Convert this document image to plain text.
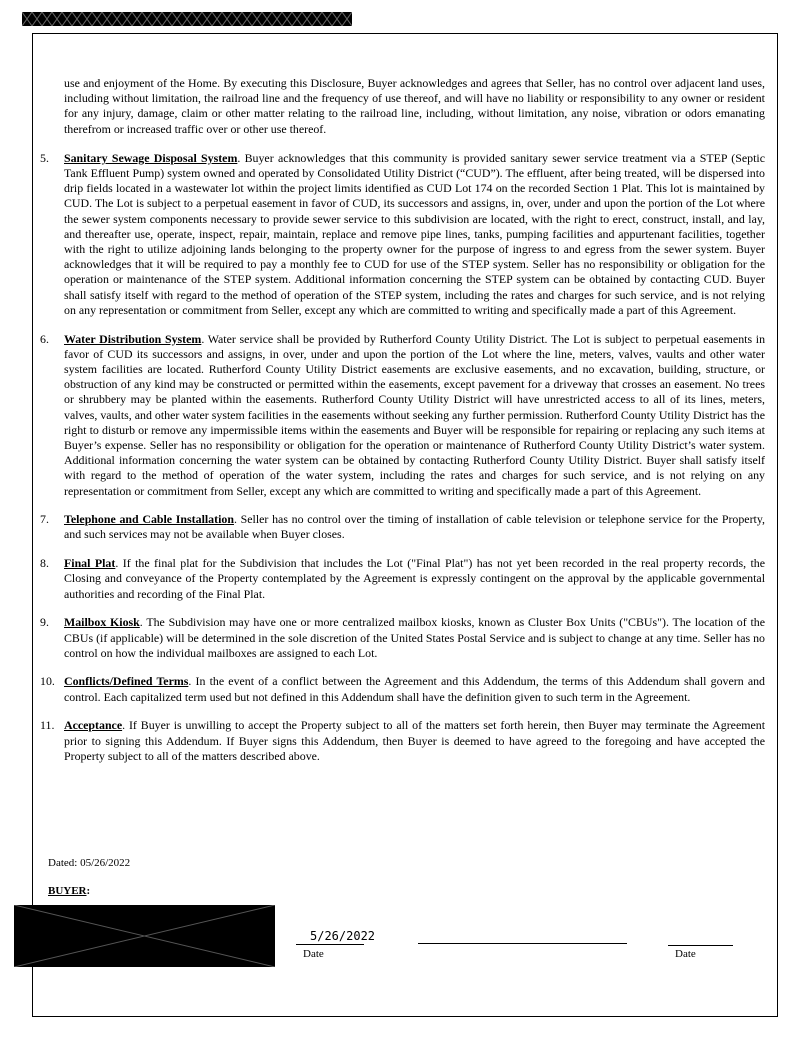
use and enjoyment of the Home. By executing this Disclosure, Buyer acknowledges and agrees that Seller, has no control over adjacent land uses, including without limitation, the railroad line and the frequency of use thereof, and will have no liability or responsibility to any owner or resident for any injury, damage, claim or other matter relating to the railroad line, including, without limitation, any noise, vibration or odors emanating therefrom or increased traffic over or other use thereof.

5. Sanitary Sewage Disposal System. Buyer acknowledges that this community is provided sanitary sewer service treatment via a STEP (Septic Tank Effluent Pump) system owned and operated by Consolidated Utility District (“CUD”). The effluent, after being treated, will be dispersed into drip fields located in a wastewater lot within the project limits identified as CUD Lot 174 on the recorded Section 1 Plat. This lot is maintained by CUD. The Lot is subject to a perpetual easement in favor of CUD, its successors and assigns, in, over, under and upon the portion of the Lot where the sewer system components necessary to provide sewer service to this subdivision are located, with the right to erect, construct, install, and lay, and thereafter use, operate, inspect, repair, maintain, replace and remove pipe lines, tanks, pumping facilities and appurtenant facilities, together with the right to utilize adjoining lands belonging to the property owner for the purpose of ingress to and egress from the sewer system. Buyer acknowledges that it will be required to pay a monthly fee to CUD for use of the STEP system. Seller has no responsibility or obligation for the operation or maintenance of the STEP system. Additional information concerning the STEP system can be obtained by contacting CUD. Buyer shall satisfy itself with regard to the method of operation of the STEP system, including the rates and charges for such service, and is not relying on any representation or commitment from Seller, except any which are committed to writing and specifically made a part of this Agreement.
6. Water Distribution System. Water service shall be provided by Rutherford County Utility District. The Lot is subject to perpetual easements in favor of CUD its successors and assigns, in over, under and upon the portion of the Lot where the line, meters, valves, vaults and other water system facilities are located. Rutherford County Utility District easements are exclusive easements, and no excavation, building, structure, or obstruction of any kind may be constructed or permitted within the easements, except pavement for a driveway that crosses an easement. No trees or shrubbery may be planted within the easements. Rutherford County Utility District will have unrestricted access to all of its lines, meters, valves, vaults, and other water system facilities in the easements without seeking any further permission. Rutherford County Utility District has the right to disturb or remove any impermissible items within the easements and Buyer will be responsible for repairing or replacing any such items at Buyer’s expense. Seller has no responsibility or obligation for the operation or maintenance of Rutherford County Utility District’s water system. Additional information concerning the water system can be obtained by contacting Rutherford County Utility District. Buyer shall satisfy itself with regard to the method of operation of the water system, including the rates and charges for such service, and is not relying on any representation or commitment from Seller, except any which are committed to writing and specifically made a part of this Agreement.
7. Telephone and Cable Installation. Seller has no control over the timing of installation of cable television or telephone service for the Property, and such services may not be available when Buyer closes.
8. Final Plat. If the final plat for the Subdivision that includes the Lot ("Final Plat") has not yet been recorded in the real property records, the Closing and conveyance of the Property contemplated by the Agreement is expressly contingent on the approval by the applicable governmental authorities and recording of the Final Plat.
9. Mailbox Kiosk. The Subdivision may have one or more centralized mailbox kiosks, known as Cluster Box Units ("CBUs"). The location of the CBUs (if applicable) will be determined in the sole discretion of the United States Postal Service and is subject to change at any time. Seller has no control on how the individual mailboxes are assigned to each Lot.
10. Conflicts/Defined Terms. In the event of a conflict between the Agreement and this Addendum, the terms of this Addendum shall govern and control. Each capitalized term used but not defined in this Addendum shall have the definition given to such term in the Agreement.
11. Acceptance. If Buyer is unwilling to accept the Property subject to all of the matters set forth herein, then Buyer may terminate the Agreement prior to signing this Addendum. If Buyer signs this Addendum, then Buyer is deemed to have agreed to the foregoing and have accepted the Property subject to all of the matters described above.
Dated: 05/26/2022
BUYER:
5/26/2022
Date	Date
